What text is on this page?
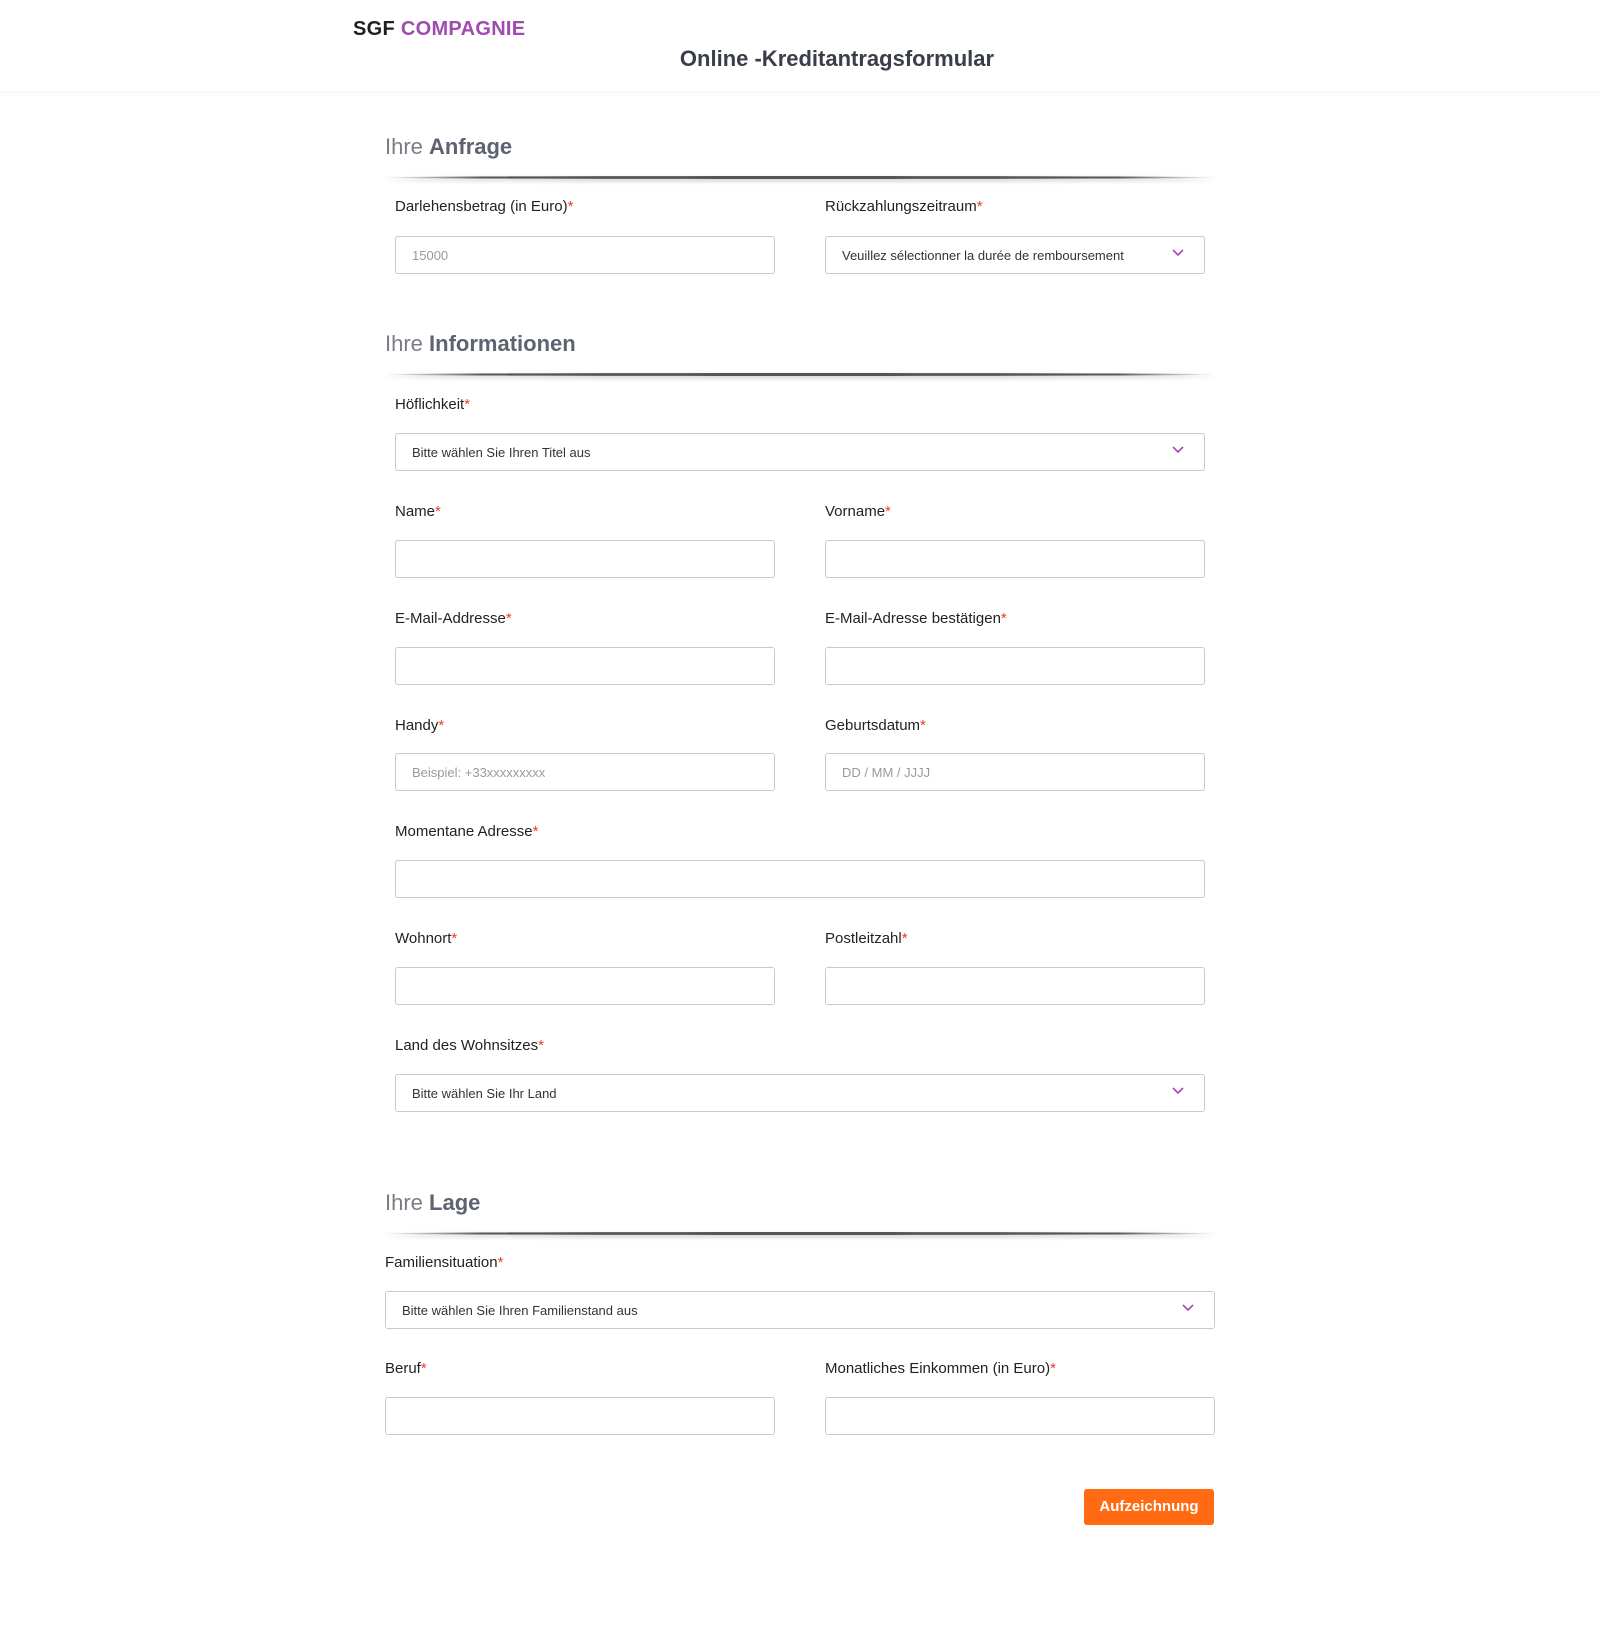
SGF COMPAGNIE
Online -Kreditantragsformular
Ihre Anfrage
Darlehensbetrag (in Euro)*
15000
Rückzahlungszeitraum*
Veuillez sélectionner la durée de remboursement
Ihre Informationen
Höflichkeit*
Bitte wählen Sie Ihren Titel aus
Name*	Vorname*
E-Mail-Addresse*	E-Mail-Adresse bestätigen*
Handy*
Beispiel: +33xxxxxxxxx
Geburtsdatum*
DD / MM / JJJJ
Momentane Adresse*
Wohnort*	Postleitzahl*
Land des Wohnsitzes*
Bitte wählen Sie Ihr Land
Ihre Lage
Familiensituation*
Bitte wählen Sie Ihren Familienstand aus
Beruf*	Monatliches Einkommen (in Euro)*
Aufzeichnung
